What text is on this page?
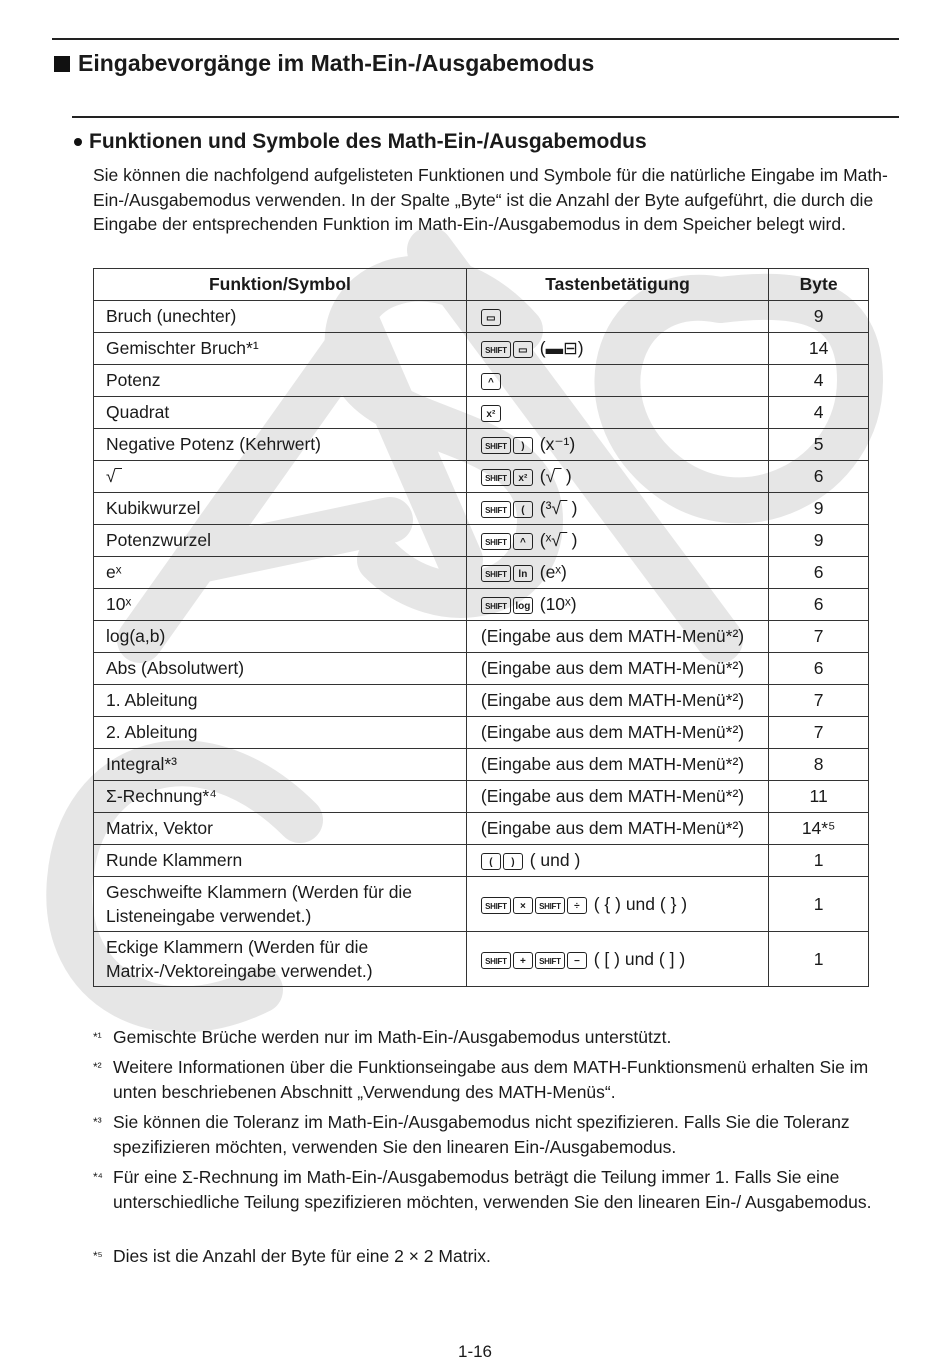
Eingabevorgänge im Math-Ein-/Ausgabemodus
Funktionen und Symbole des Math-Ein-/Ausgabemodus
Sie können die nachfolgend aufgelisteten Funktionen und Symbole für die natürliche Eingabe im Math-Ein-/Ausgabemodus verwenden. In der Spalte „Byte“ ist die Anzahl der Byte aufgeführt, die durch die Eingabe der entsprechenden Funktion im Math-Ein-/Ausgabemodus in dem Speicher belegt wird.
Funktion/Symbol	Tastenbetätigung	Byte
Bruch (unechter)	▭	9
Gemischter Bruch*¹	SHIFT ▭ (▬⊟)	14
Potenz	^	4
Quadrat	x²	4
Negative Potenz (Kehrwert)	SHIFT ) (x⁻¹)	5
√‾	SHIFT x² (√‾ )	6
Kubikwurzel	SHIFT ( (³√‾ )	9
Potenzwurzel	SHIFT ^ (ˣ√‾ )	9
eˣ	SHIFT ln (eˣ)	6
10ˣ	SHIFT log (10ˣ)	6
log(a,b)	(Eingabe aus dem MATH-Menü*²)	7
Abs (Absolutwert)	(Eingabe aus dem MATH-Menü*²)	6
1. Ableitung	(Eingabe aus dem MATH-Menü*²)	7
2. Ableitung	(Eingabe aus dem MATH-Menü*²)	7
Integral*³	(Eingabe aus dem MATH-Menü*²)	8
Σ-Rechnung*⁴	(Eingabe aus dem MATH-Menü*²)	11
Matrix, Vektor	(Eingabe aus dem MATH-Menü*²)	14*⁵
Runde Klammern	( ) ( und )	1
Geschweifte Klammern (Werden für die Listeneingabe verwendet.)	SHIFT × SHIFT ÷ ( { ) und ( } )	1
Eckige Klammern (Werden für die Matrix-/Vektoreingabe verwendet.)	SHIFT + SHIFT − ( [ ) und ( ] )	1
*¹ Gemischte Brüche werden nur im Math-Ein-/Ausgabemodus unterstützt.
*² Weitere Informationen über die Funktionseingabe aus dem MATH-Funktionsmenü erhalten Sie im unten beschriebenen Abschnitt „Verwendung des MATH-Menüs“.
*³ Sie können die Toleranz im Math-Ein-/Ausgabemodus nicht spezifizieren. Falls Sie die Toleranz spezifizieren möchten, verwenden Sie den linearen Ein-/Ausgabemodus.
*⁴ Für eine Σ-Rechnung im Math-Ein-/Ausgabemodus beträgt die Teilung immer 1. Falls Sie eine unterschiedliche Teilung spezifizieren möchten, verwenden Sie den linearen Ein-/ Ausgabemodus.
*⁵ Dies ist die Anzahl der Byte für eine 2 × 2 Matrix.
1-16
